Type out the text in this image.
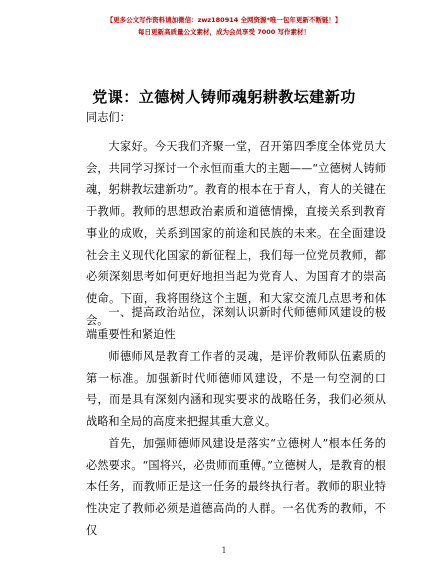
【更多公文写作资料请加微信：zwz180914 全网资源*唯一包年更新不断链！】
每日更新高质量公文素材，成为会员享受 7000 写作素材！
党课：立德树人铸师魂躬耕教坛建新功
同志们：
大家好。今天我们齐聚一堂，召开第四季度全体党员大会，共同学习探讨一个永恒而重大的主题——“立德树人铸师魂，躬耕教坛建新功”。教育的根本在于育人，育人的关键在于教师。教师的思想政治素质和道德情操，直接关系到教育事业的成败，关系到国家的前途和民族的未来。在全面建设社会主义现代化国家的新征程上，我们每一位党员教师，都必须深刻思考如何更好地担当起为党育人、为国育才的崇高使命。下面，我将围绕这个主题，和大家交流几点思考和体会。
一、提高政治站位，深刻认识新时代师德师风建设的极端重要性和紧迫性
师德师风是教育工作者的灵魂，是评价教师队伍素质的第一标准。加强新时代师德师风建设，不是一句空洞的口号，而是具有深刻内涵和现实要求的战略任务，我们必须从战略和全局的高度来把握其重大意义。
首先，加强师德师风建设是落实“立德树人”根本任务的必然要求。“国将兴，必贵师而重傅。”立德树人，是教育的根本任务，而教师正是这一任务的最终执行者。教师的职业特性决定了教师必须是道德高尚的人群。一名优秀的教师，不仅
1
